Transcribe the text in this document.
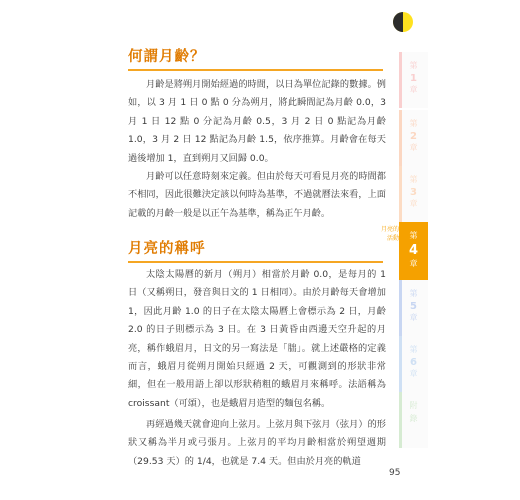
何謂月齡？

月齡是將朔月開始經過的時間，以日為單位記錄的數據。例如，以 3 月 1 日 0 點 0 分為朔月，將此瞬間記為月齡 0.0，3 月 1 日 12 點 0 分記為月齡 0.5，3 月 2 日 0 點記為月齡 1.0，3 月 2 日 12 點記為月齡 1.5，依序推算。月齡會在每天過後增加 1，直到朔月又回歸 0.0。

月齡可以任意時刻來定義。但由於每天可看見月亮的時間都不相同，因此很難決定該以何時為基準，不過就曆法來看，上面記載的月齡一般是以正午為基準，稱為正午月齡。

月亮的稱呼

太陰太陽曆的新月（朔月）相當於月齡 0.0，是每月的 1 日（又稱朔日，發音與日文的 1 日相同）。由於月齡每天會增加 1，因此月齡 1.0 的日子在太陰太陽曆上會標示為 2 日，月齡 2.0 的日子則標示為 3 日。在 3 日黃昏由西邊天空升起的月亮，稱作蛾眉月，日文的另一寫法是「朏」。就上述嚴格的定義而言，蛾眉月從朔月開始只經過 2 天，可觀測到的形狀非常細，但在一般用語上卻以形狀稍粗的蛾眉月來稱呼。法語稱為 croissant（可頌），也是蛾眉月造型的麵包名稱。

再經過幾天就會迎向上弦月。上弦月與下弦月（弦月）的形狀又稱為半月或弓張月。上弦月的平均月齡相當於朔望週期（29.53 天）的 1/4，也就是 7.4 天。但由於月亮的軌道

月亮的活動
第
1
章
第
2
章
第
3
章
第
4
章
第
5
章
第
6
章
附
錄
95
